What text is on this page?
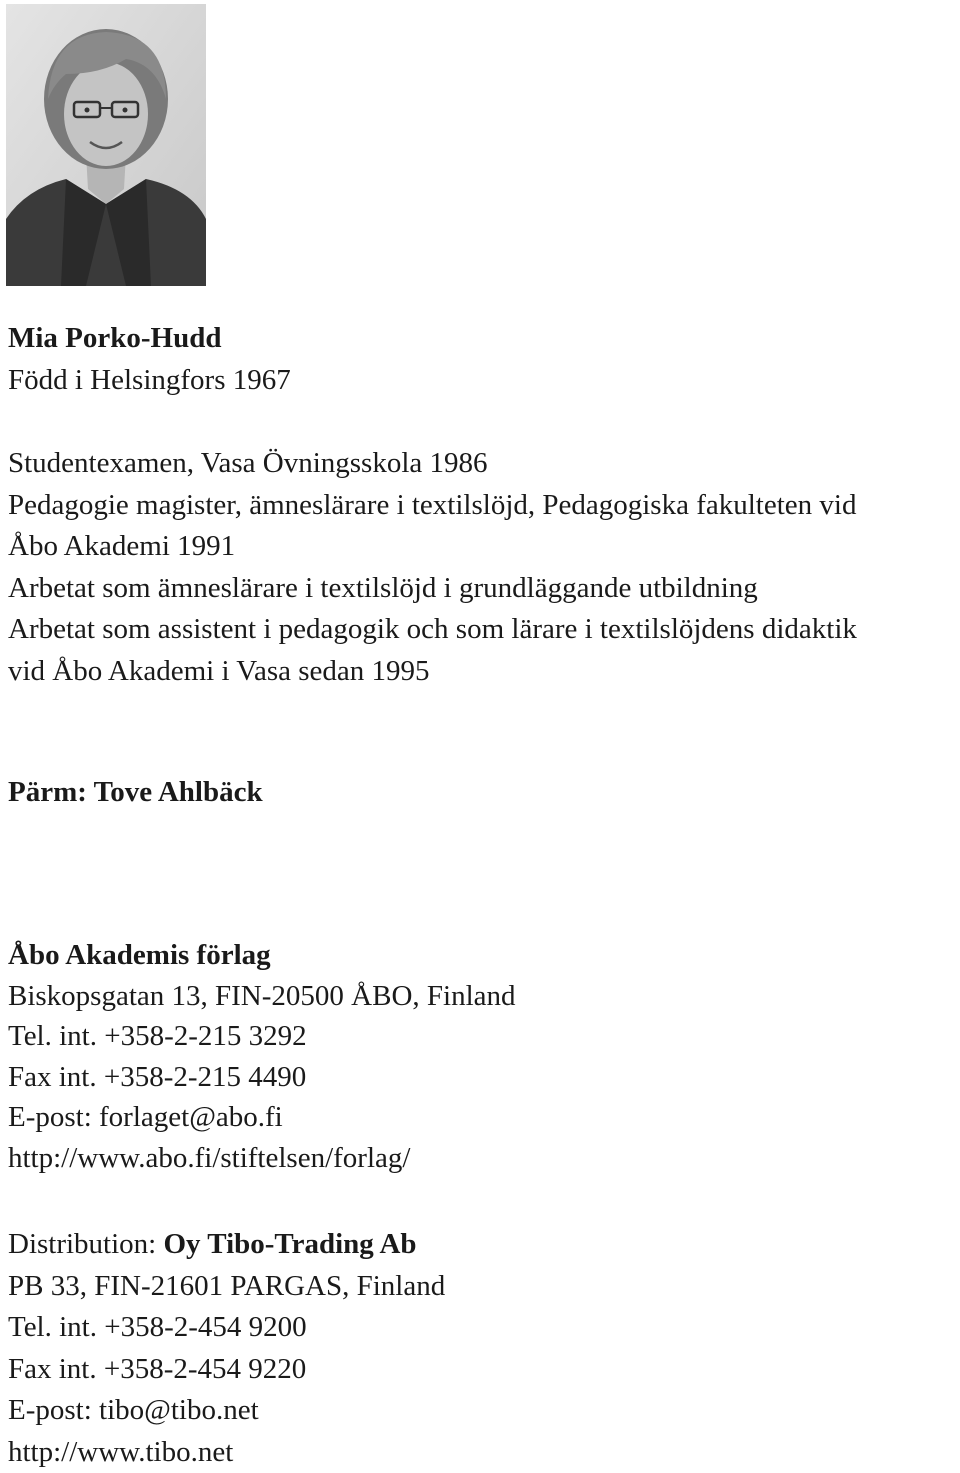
Mia Porko-Hudd
Född i Helsingfors 1967
Studentexamen, Vasa Övningsskola 1986
Pedagogie magister, ämneslärare i textilslöjd, Pedagogiska fakulteten vid
Åbo Akademi 1991
Arbetat som ämneslärare i textilslöjd i grundläggande utbildning
Arbetat som assistent i pedagogik och som lärare i textilslöjdens didaktik
vid Åbo Akademi i Vasa sedan 1995
Pärm: Tove Ahlbäck
Åbo Akademis förlag
Biskopsgatan 13, FIN-20500 ÅBO, Finland
Tel. int. +358-2-215 3292
Fax int. +358-2-215 4490
E-post: forlaget@abo.fi
http://www.abo.fi/stiftelsen/forlag/
Distribution: Oy Tibo-Trading Ab
PB 33, FIN-21601 PARGAS, Finland
Tel. int. +358-2-454 9200
Fax int. +358-2-454 9220
E-post: tibo@tibo.net
http://www.tibo.net
